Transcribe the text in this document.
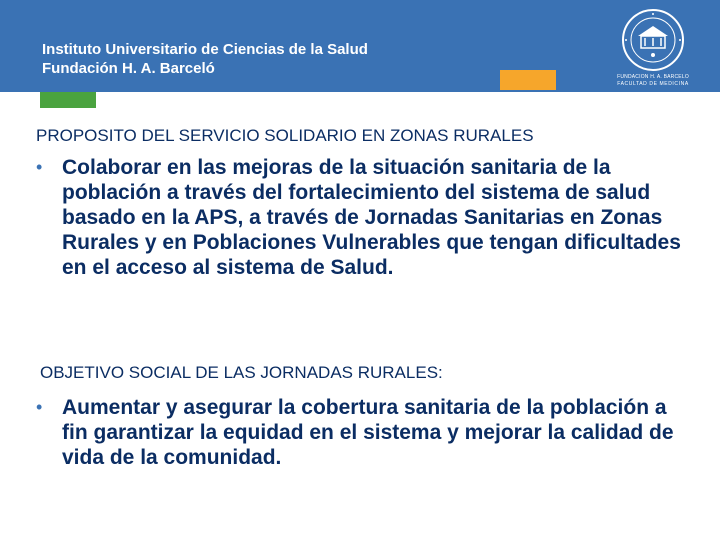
Instituto Universitario de Ciencias de la Salud
Fundación H. A. Barceló	FUNDACION H. A. BARCELO
FACULTAD DE MEDICINA
PROPOSITO DEL SERVICIO SOLIDARIO EN ZONAS RURALES
• Colaborar en las mejoras de la situación sanitaria de la población a través del fortalecimiento del sistema de salud basado en la APS, a través de Jornadas Sanitarias en Zonas Rurales y en Poblaciones Vulnerables que tengan dificultades en el acceso al sistema de Salud.
OBJETIVO SOCIAL DE LAS JORNADAS RURALES:
• Aumentar y asegurar la cobertura sanitaria de la población a fin garantizar la equidad en el sistema y mejorar la calidad de vida de la comunidad.
